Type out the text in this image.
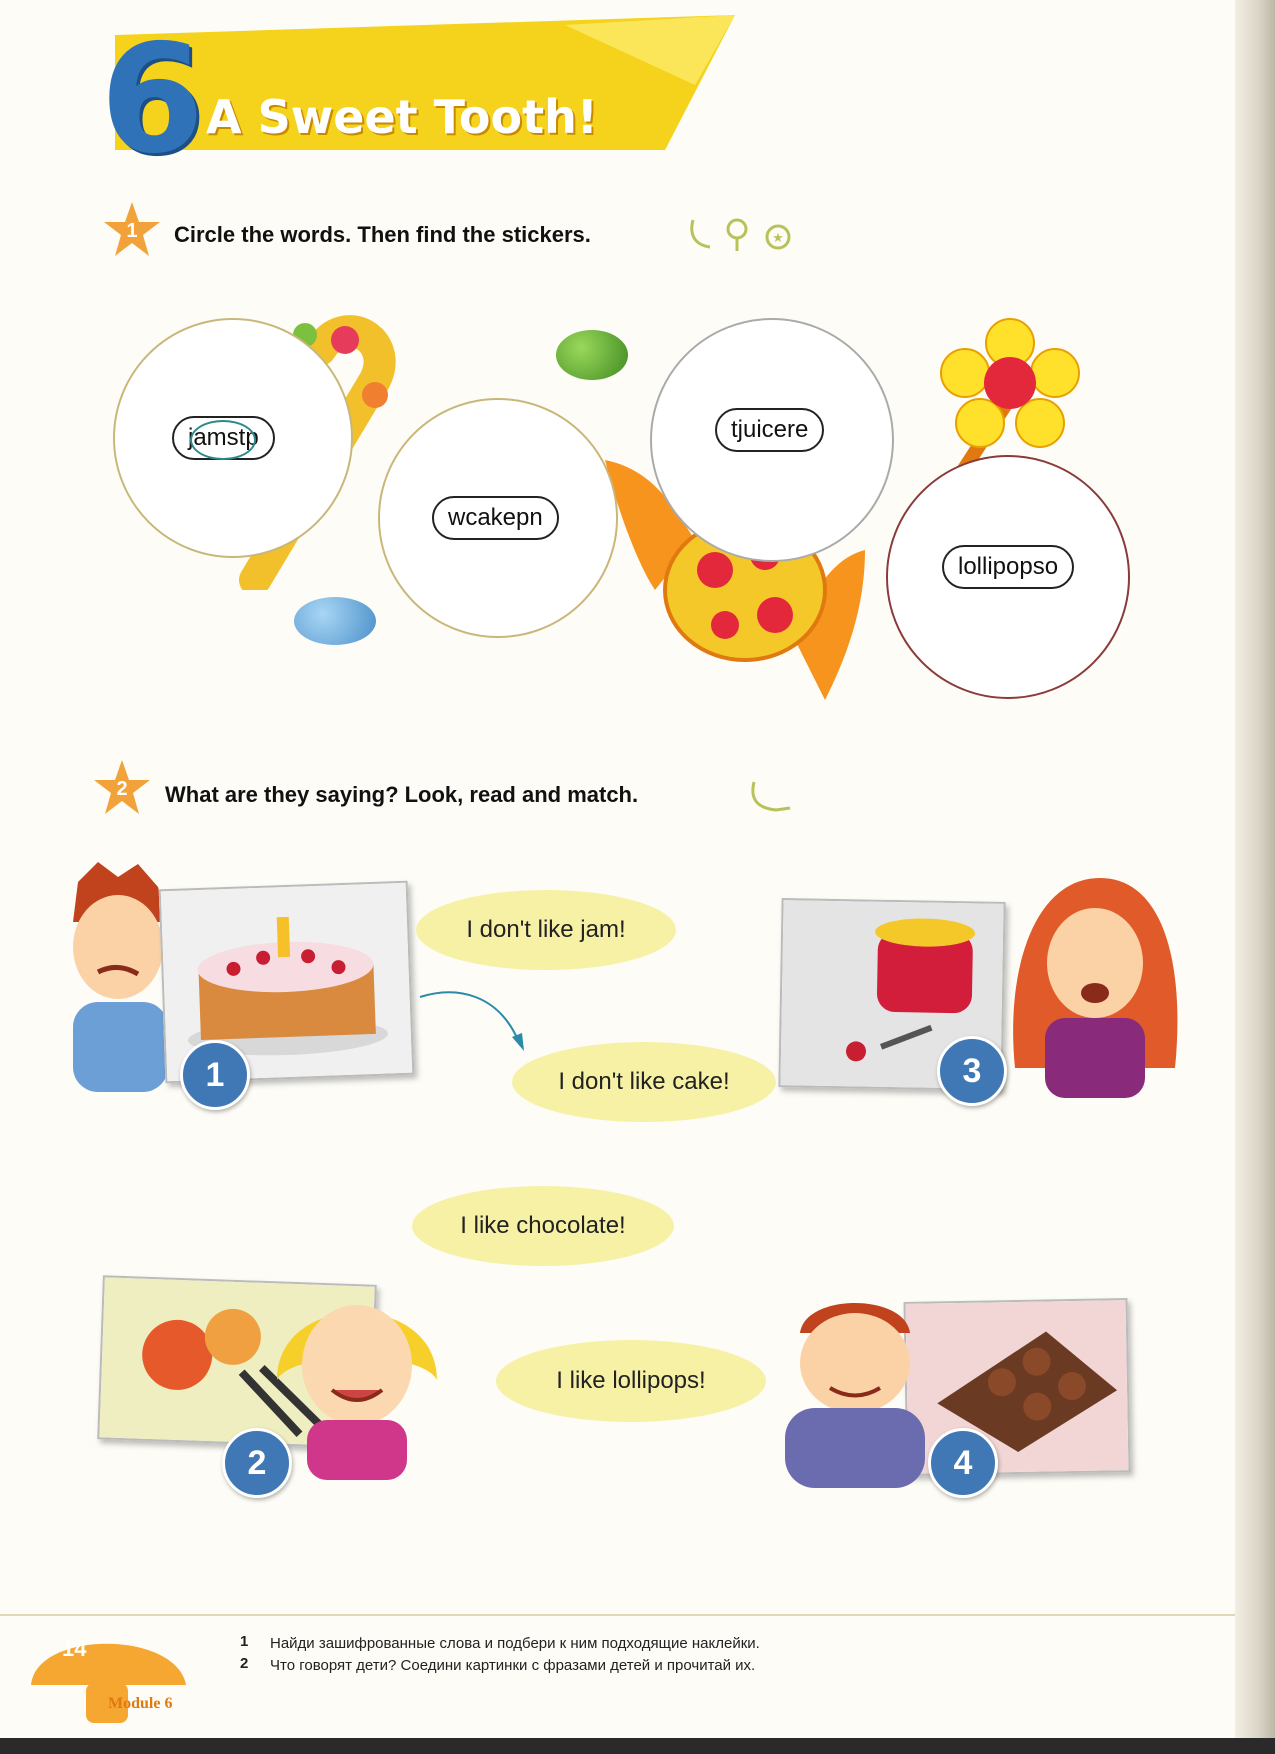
6 A Sweet Tooth!
1	Circle the words. Then find the stickers.	★
jamstp
wcakepn
tjuicere
lollipopso
2	What are they saying? Look, read and match.
1
I don't like jam!
I don't like cake!
I like chocolate!
I like lollipops!
3
2	4
14
Module 6
1 Найди зашифрованные слова и подбери к ним подходящие наклейки.
2 Что говорят дети? Соедини картинки с фразами детей и прочитай их.
